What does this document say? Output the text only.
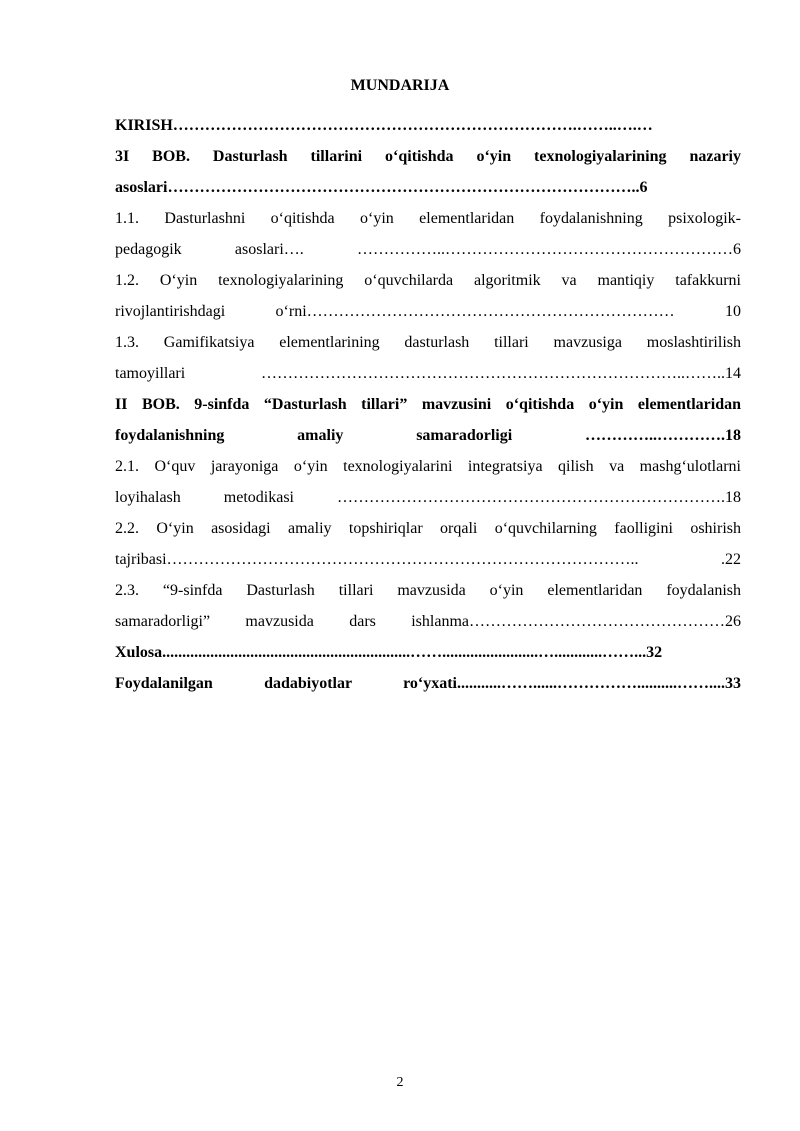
MUNDARIJA
KIRISH………………………………………………………………….……..….…
3I BOB. Dasturlash tillarini o‘qitishda o‘yin texnologiyalarining nazariy
asoslari……………………………………………………………………………..6
1.1. Dasturlashni o‘qitishda o‘yin elementlaridan foydalanishning psixologik-
pedagogik asoslari…. ……………..………………………………………………6
1.2. O‘yin texnologiyalarining o‘quvchilarda algoritmik va mantiqiy tafakkurni
rivojlantirishdagi o‘rni…………………………………………………………… 10
1.3. Gamifikatsiya elementlarining dasturlash tillari mavzusiga moslashtirilish
tamoyillari ……………………………………………………………………..……..14
II BOB. 9-sinfda “Dasturlash tillari” mavzusini o‘qitishda o‘yin elementlaridan
foydalanishning amaliy samaradorligi …………..………….18
2.1. O‘quv jarayoniga o‘yin texnologiyalarini integratsiya qilish va mashg‘ulotlarni
loyihalash metodikasi ……………………………………………………………….18
2.2. O‘yin asosidagi amaliy topshiriqlar orqali o‘quvchilarning faolligini oshirish
tajribasi…………………………………………………………………………….. .22
2.3. “9-sinfda Dasturlash tillari mavzusida o‘yin elementlaridan foydalanish
samaradorligi” mavzusida dars ishlanma…………………………………………26
Xulosa..............................................................……........................…............……...32
Foydalanilgan dadabiyotlar ro‘yxati...........……......……………..........……....33
2
